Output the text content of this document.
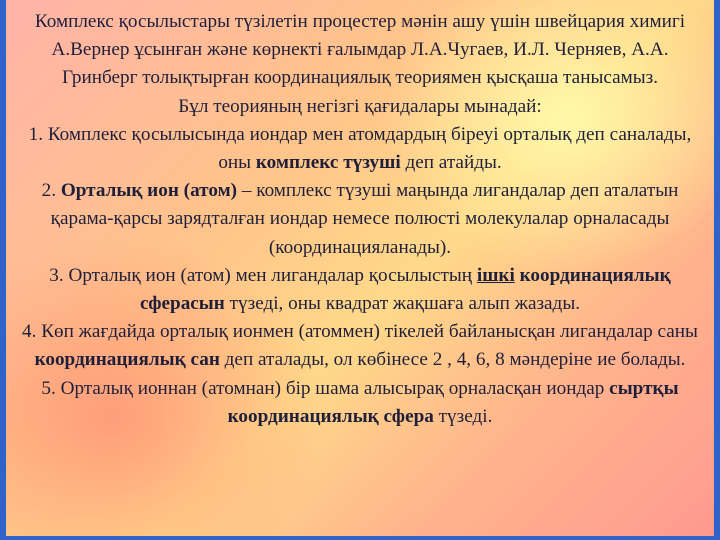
Комплекс қосылыстары түзілетін процестер мәнін ашу үшін швейцария химигі А.Вернер ұсынған және көрнекті ғалымдар Л.А.Чугаев, И.Л. Черняев, А.А. Гринберг толықтырған координациялық теориямен қысқаша танысамыз.

Бұл теорияның негізгі қағидалары мынадай:

1. Комплекс қосылысында иондар мен атомдардың біреуі орталық деп саналады, оны комплекс түзуші деп атайды.

2. Орталық ион (атом) – комплекс түзуші маңында лигандалар деп аталатын қарама-қарсы зарядталған иондар немесе полюсті молекулалар орналасады (координацияланады).

3. Орталық ион (атом) мен лигандалар қосылыстың ішкі координациялық сферасын түзеді, оны квадрат жақшаға алып жазады.

4. Көп жағдайда орталық ионмен (атоммен) тікелей байланысқан лигандалар саны координациялық сан деп аталады, ол көбінесе 2 , 4, 6, 8 мәндеріне ие болады.

5. Орталық ионнан (атомнан) бір шама алысырақ орналасқан иондар сыртқы координациялық сфера түзеді.
